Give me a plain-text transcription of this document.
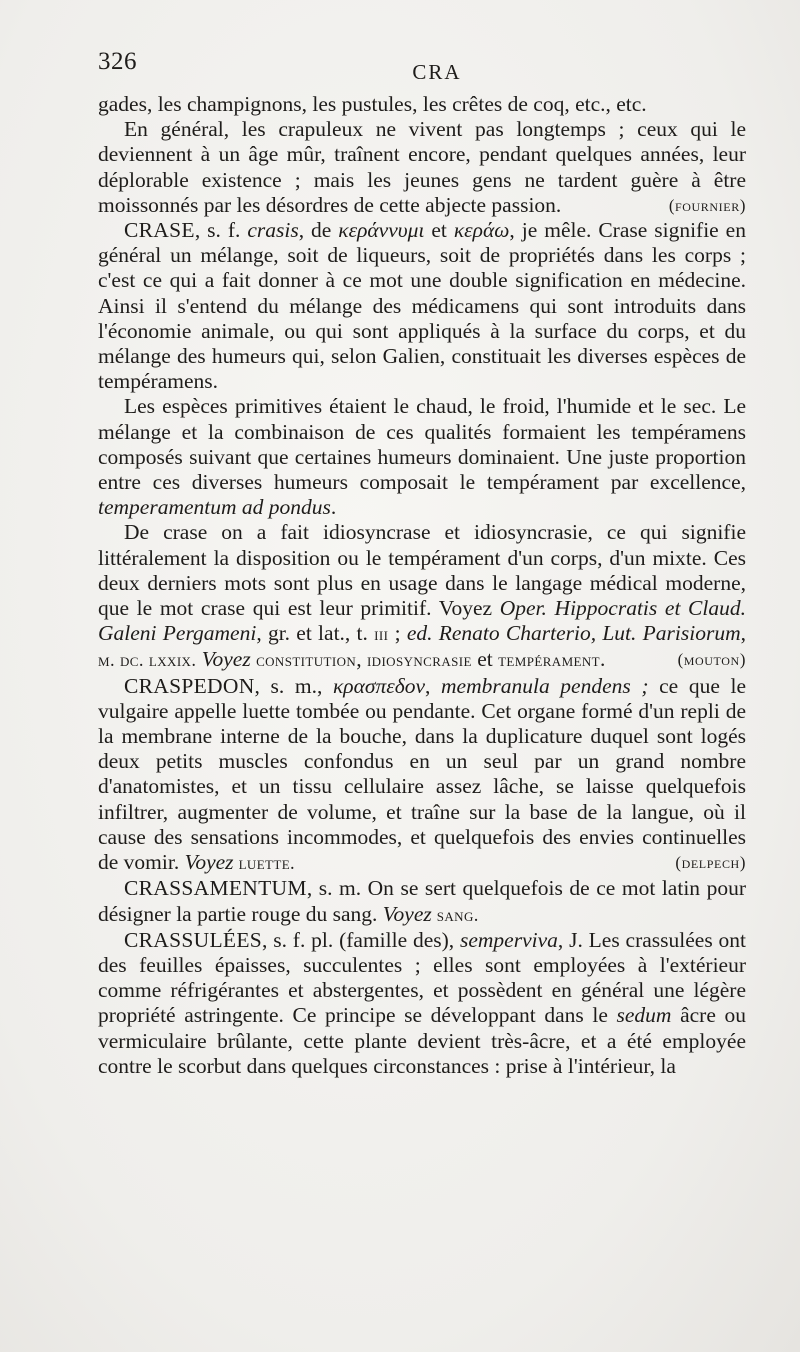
326	CRA

gades, les champignons, les pustules, les crêtes de coq, etc., etc.

En général, les crapuleux ne vivent pas longtemps ; ceux qui le deviennent à un âge mûr, traînent encore, pendant quelques années, leur déplorable existence ; mais les jeunes gens ne tardent guère à être moissonnés par les désordres de cette abjecte passion.	( fournier )

CRASE, s. f. crasis, de κεράννυμι et κεράω, je mêle. Crase signifie en général un mélange, soit de liqueurs, soit de propriétés dans les corps ; c'est ce qui a fait donner à ce mot une double signification en médecine. Ainsi il s'entend du mélange des médicamens qui sont introduits dans l'économie animale, ou qui sont appliqués à la surface du corps, et du mélange des humeurs qui, selon Galien, constituait les diverses espèces de tempéramens.

Les espèces primitives étaient le chaud, le froid, l'humide et le sec. Le mélange et la combinaison de ces qualités formaient les tempéramens composés suivant que certaines humeurs dominaient. Une juste proportion entre ces diverses humeurs composait le tempérament par excellence, temperamentum ad pondus.

De crase on a fait idiosyncrase et idiosyncrasie, ce qui signifie littéralement la disposition ou le tempérament d'un corps, d'un mixte. Ces deux derniers mots sont plus en usage dans le langage médical moderne, que le mot crase qui est leur primitif. Voyez Oper. Hippocratis et Claud. Galeni Pergameni, gr. et lat., t. iii ; ed. Renato Charterio, Lut. Parisiorum, m. dc. lxxix. Voyez constitution, idiosyncrasie et tempérament.	( mouton )

CRASPEDON, s. m., κρασπεδον, membranula pendens ; ce que le vulgaire appelle luette tombée ou pendante. Cet organe formé d'un repli de la membrane interne de la bouche, dans la duplicature duquel sont logés deux petits muscles confondus en un seul par un grand nombre d'anatomistes, et un tissu cellulaire assez lâche, se laisse quelquefois infiltrer, augmenter de volume, et traîne sur la base de la langue, où il cause des sensations incommodes, et quelquefois des envies continuelles de vomir. Voyez luette.	( delpech )

CRASSAMENTUM, s. m. On se sert quelquefois de ce mot latin pour désigner la partie rouge du sang. Voyez sang.

CRASSULÉES, s. f. pl. (famille des), semperviva, J. Les crassulées ont des feuilles épaisses, succulentes ; elles sont employées à l'extérieur comme réfrigérantes et abstergentes, et possèdent en général une légère propriété astringente. Ce principe se développant dans le sedum âcre ou vermiculaire brûlante, cette plante devient très-âcre, et a été employée contre le scorbut dans quelques circonstances : prise à l'intérieur, la
